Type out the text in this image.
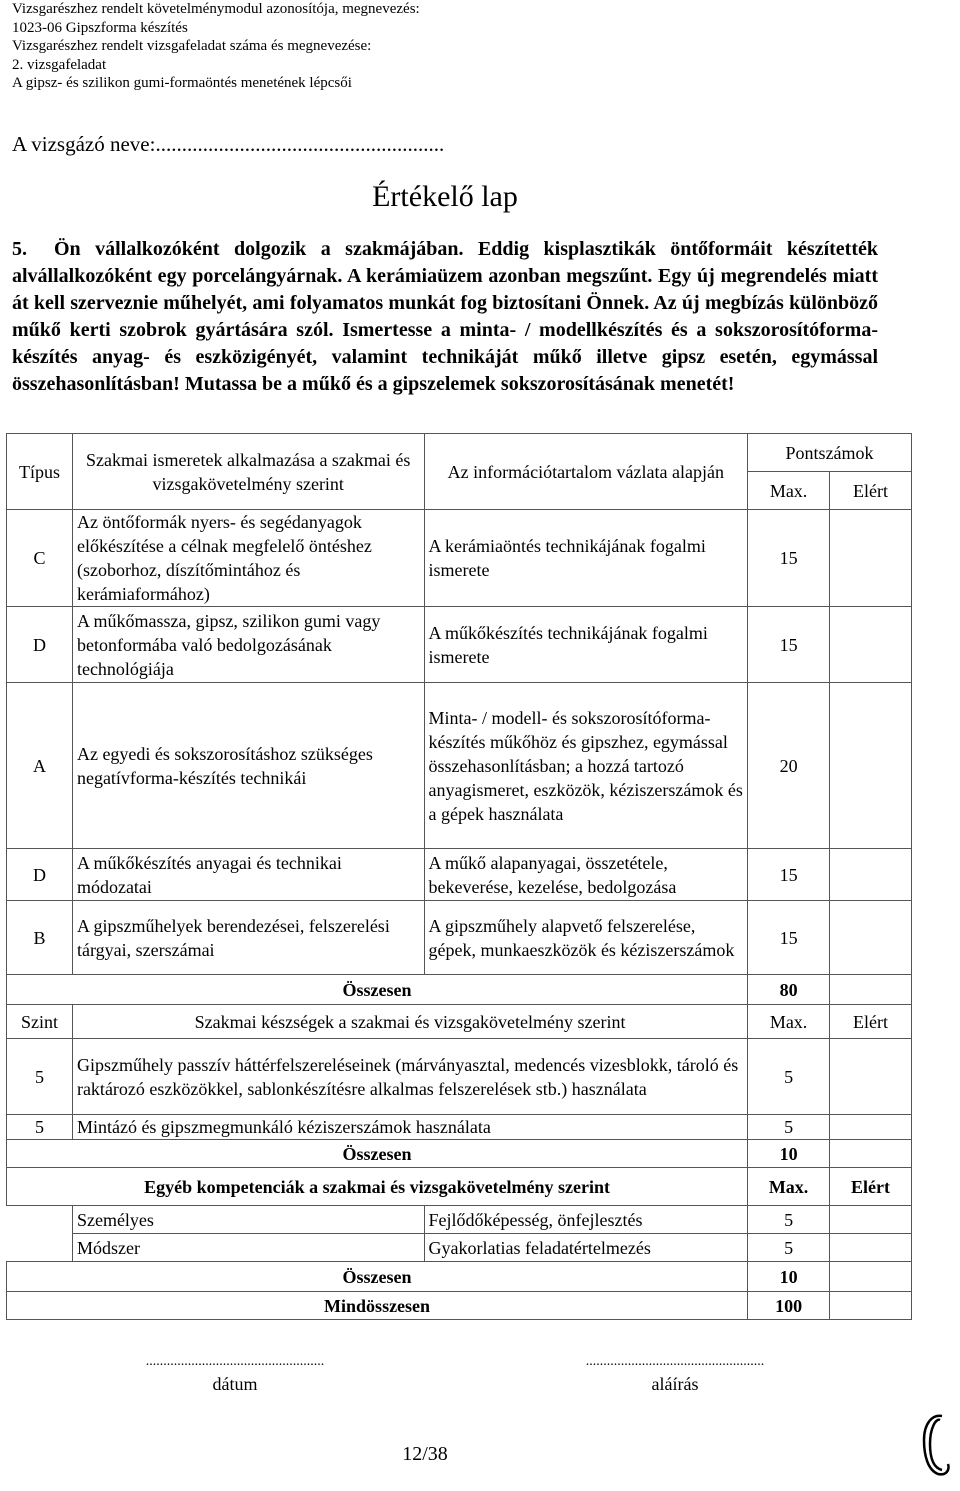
Vizsgarészhez rendelt követelménymodul azonosítója, megnevezés:
1023-06 Gipszforma készítés
Vizsgarészhez rendelt vizsgafeladat száma és megnevezése:
2. vizsgafeladat
A gipsz- és szilikon gumi-formaöntés menetének lépcsői
A vizsgázó neve:.......................................................
Értékelő lap
5. Ön vállalkozóként dolgozik a szakmájában. Eddig kisplasztikák öntőformáit készítették alvállalkozóként egy porcelángyárnak. A kerámiaüzem azonban megszűnt. Egy új megrendelés miatt át kell szerveznie műhelyét, ami folyamatos munkát fog biztosítani Önnek. Az új megbízás különböző műkő kerti szobrok gyártására szól. Ismertesse a minta- / modellkészítés és a sokszorosítóforma-készítés anyag- és eszközigényét, valamint technikáját műkő illetve gipsz esetén, egymással összehasonlításban! Mutassa be a műkő és a gipszelemek sokszorosításának menetét!
Típus	Szakmai ismeretek alkalmazása a szakmai és vizsgakövetelmény szerint	Az információtartalom vázlata alapján	Pontszámok	
			Max.	Elért
C	Az öntőformák nyers- és segédanyagok előkészítése a célnak megfelelő öntéshez (szoborhoz, díszítőmintához és kerámiaformához)	A kerámiaöntés technikájának fogalmi ismerete	15	
D	A műkőmassza, gipsz, szilikon gumi vagy betonformába való bedolgozásának technológiája	A műkőkészítés technikájának fogalmi ismerete	15	
A	Az egyedi és sokszorosításhoz szükséges negatívforma-készítés technikái	Minta- / modell- és sokszorosítóforma-készítés műkőhöz és gipszhez, egymással összehasonlításban; a hozzá tartozó anyagismeret, eszközök, kéziszerszámok és a gépek használata	20	
D	A műkőkészítés anyagai és technikai módozatai	A műkő alapanyagai, összetétele, bekeverése, kezelése, bedolgozása	15	
B	A gipszműhelyek berendezései, felszerelési tárgyai, szerszámai	A gipszműhely alapvető felszerelése, gépek, munkaeszközök és kéziszerszámok	15	
Összesen			80	
Szint	Szakmai készségek a szakmai és vizsgakövetelmény szerint		Max.	Elért
5	Gipszműhely passzív háttérfelszereléseinek (márványasztal, medencés vizesblokk, tároló és raktározó eszközökkel, sablonkészítésre alkalmas felszerelések stb.) használata		5	
5	Mintázó és gipszmegmunkáló kéziszerszámok használata		5	
Összesen			10	
Egyéb kompetenciák a szakmai és vizsgakövetelmény szerint			Max.	Elért
	Személyes	Fejlődőképesség, önfejlesztés	5	
	Módszer	Gyakorlatias feladatértelmezés	5	
Összesen			10	
Mindösszesen			100	
...................................................
dátum
...................................................
aláírás
12/38
